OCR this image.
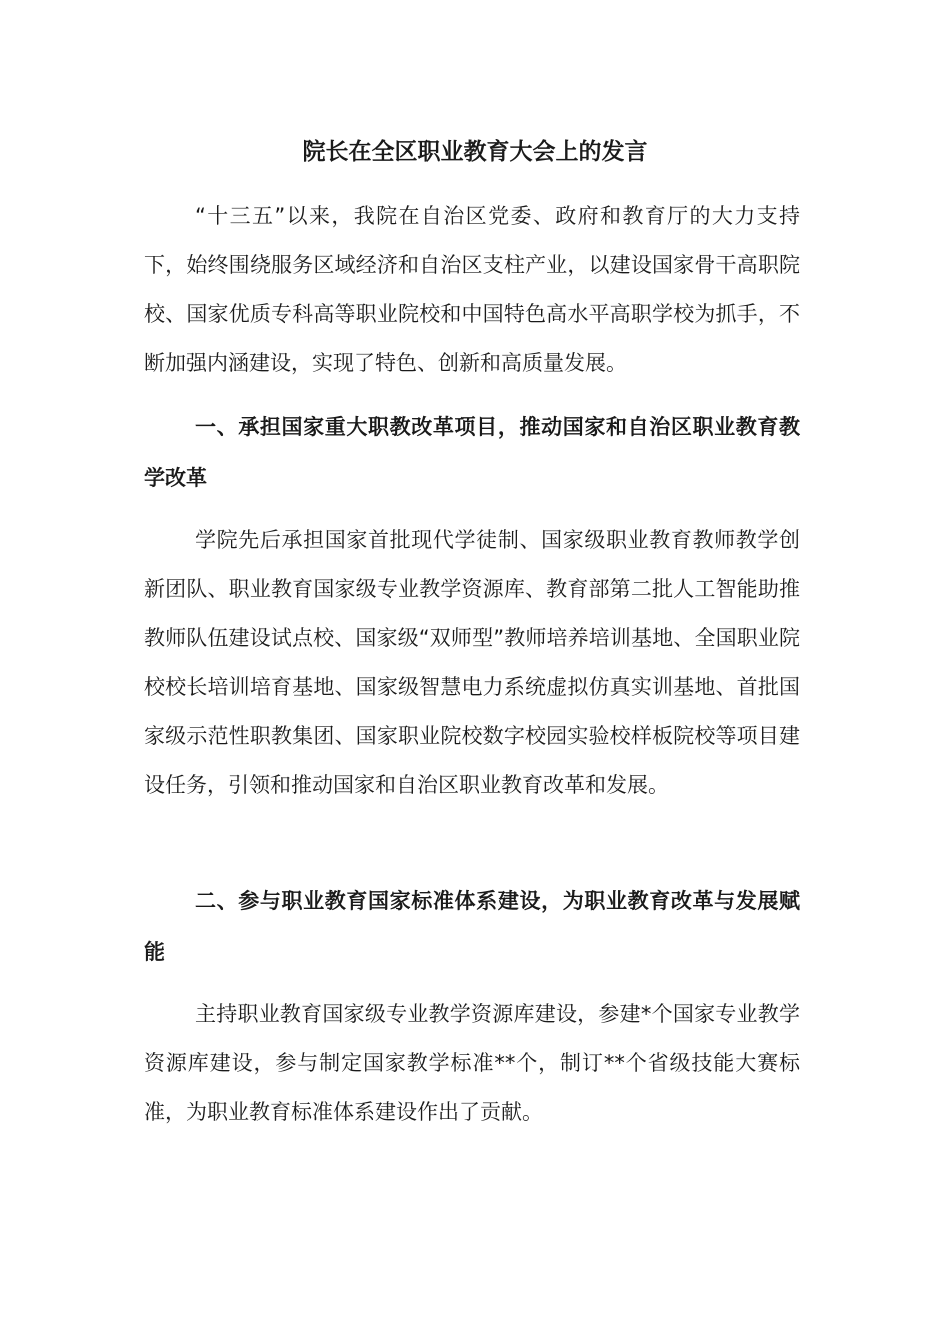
院长在全区职业教育大会上的发言

“十三五”以来，我院在自治区党委、政府和教育厅的大力支持下，始终围绕服务区域经济和自治区支柱产业，以建设国家骨干高职院校、国家优质专科高等职业院校和中国特色高水平高职学校为抓手，不断加强内涵建设，实现了特色、创新和高质量发展。

一、承担国家重大职教改革项目，推动国家和自治区职业教育教学改革

学院先后承担国家首批现代学徒制、国家级职业教育教师教学创新团队、职业教育国家级专业教学资源库、教育部第二批人工智能助推教师队伍建设试点校、国家级“双师型”教师培养培训基地、全国职业院校校长培训培育基地、国家级智慧电力系统虚拟仿真实训基地、首批国家级示范性职教集团、国家职业院校数字校园实验校样板院校等项目建设任务，引领和推动国家和自治区职业教育改革和发展。

二、参与职业教育国家标准体系建设，为职业教育改革与发展赋能

主持职业教育国家级专业教学资源库建设，参建*个国家专业教学资源库建设，参与制定国家教学标准**个，制订**个省级技能大赛标准，为职业教育标准体系建设作出了贡献。
